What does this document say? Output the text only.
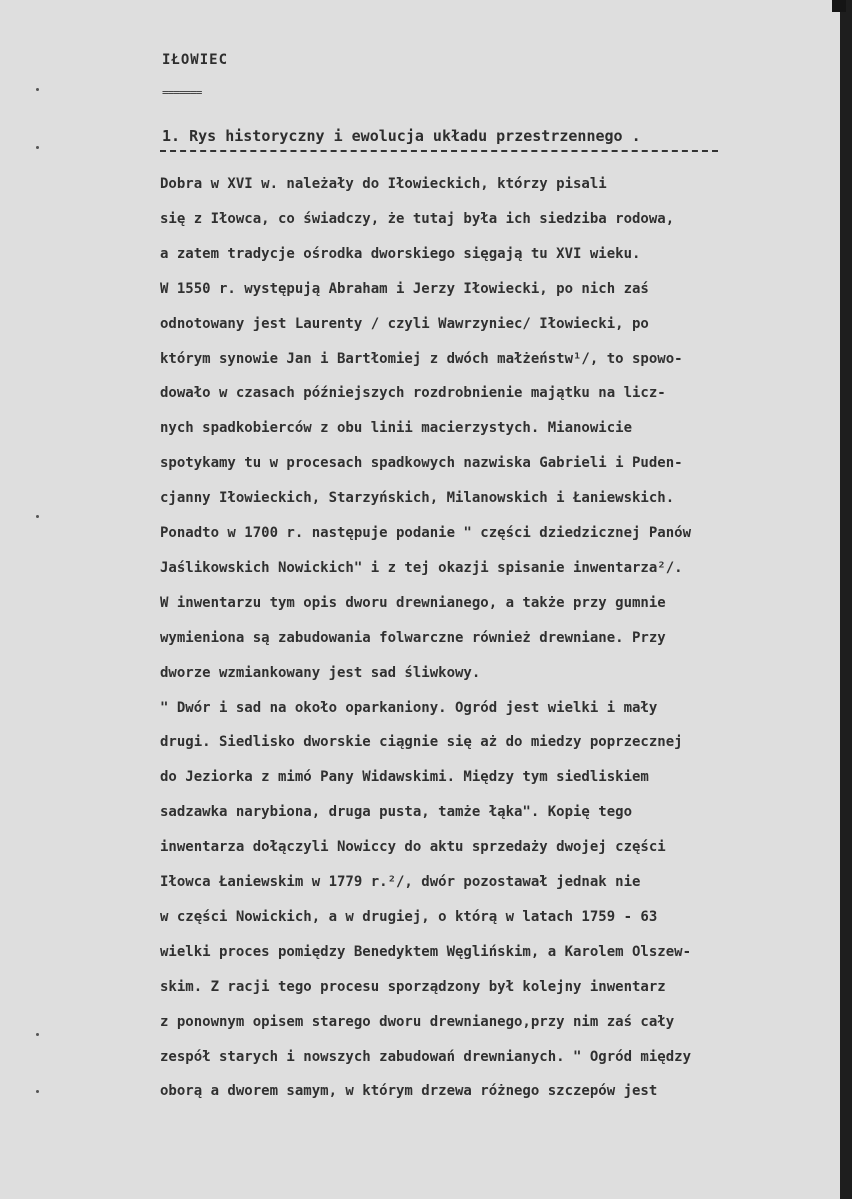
IŁOWIEC
=======
1. Rys historyczny i ewolucja układu przestrzennego .
Dobra w XVI w. należały do Iłowieckich, którzy pisali
się z Iłowca, co świadczy, że tutaj była ich siedziba rodowa,
a zatem tradycje ośrodka dworskiego sięgają tu XVI wieku.
W 1550 r. występują Abraham i Jerzy Iłowiecki, po nich zaś
odnotowany jest Laurenty / czyli Wawrzyniec/ Iłowiecki, po
którym synowie Jan i Bartłomiej z dwóch małżeństw¹/, to spowo-
dowało w czasach późniejszych rozdrobnienie majątku na licz-
nych spadkobierców z obu linii macierzystych. Mianowicie
spotykamy tu w procesach spadkowych nazwiska Gabrieli i Puden-
cjanny Iłowieckich, Starzyńskich, Milanowskich i Łaniewskich.
Ponadto w 1700 r. następuje podanie " części dziedzicznej Panów
Jaślikowskich Nowickich" i z tej okazji spisanie inwentarza²/.
W inwentarzu tym opis dworu drewnianego, a także przy gumnie
wymieniona są zabudowania folwarczne również drewniane. Przy
dworze wzmiankowany jest sad śliwkowy.
" Dwór i sad na około oparkaniony. Ogród jest wielki i mały
drugi. Siedlisko dworskie ciągnie się aż do miedzy poprzecznej
do Jeziorka z mimó Pany Widawskimi. Między tym siedliskiem
sadzawka narybiona, druga pusta, tamże łąka". Kopię tego
inwentarza dołączyli Nowiccy do aktu sprzedaży dwojej części
Iłowca Łaniewskim w 1779 r.²/, dwór pozostawał jednak nie
w części Nowickich, a w drugiej, o którą w latach 1759 - 63
wielki proces pomiędzy Benedyktem Węglińskim, a Karolem Olszew-
skim. Z racji tego procesu sporządzony był kolejny inwentarz
z ponownym opisem starego dworu drewnianego,przy nim zaś cały
zespół starych i nowszych zabudowań drewnianych. " Ogród między
oborą a dworem samym, w którym drzewa różnego szczepów jest
